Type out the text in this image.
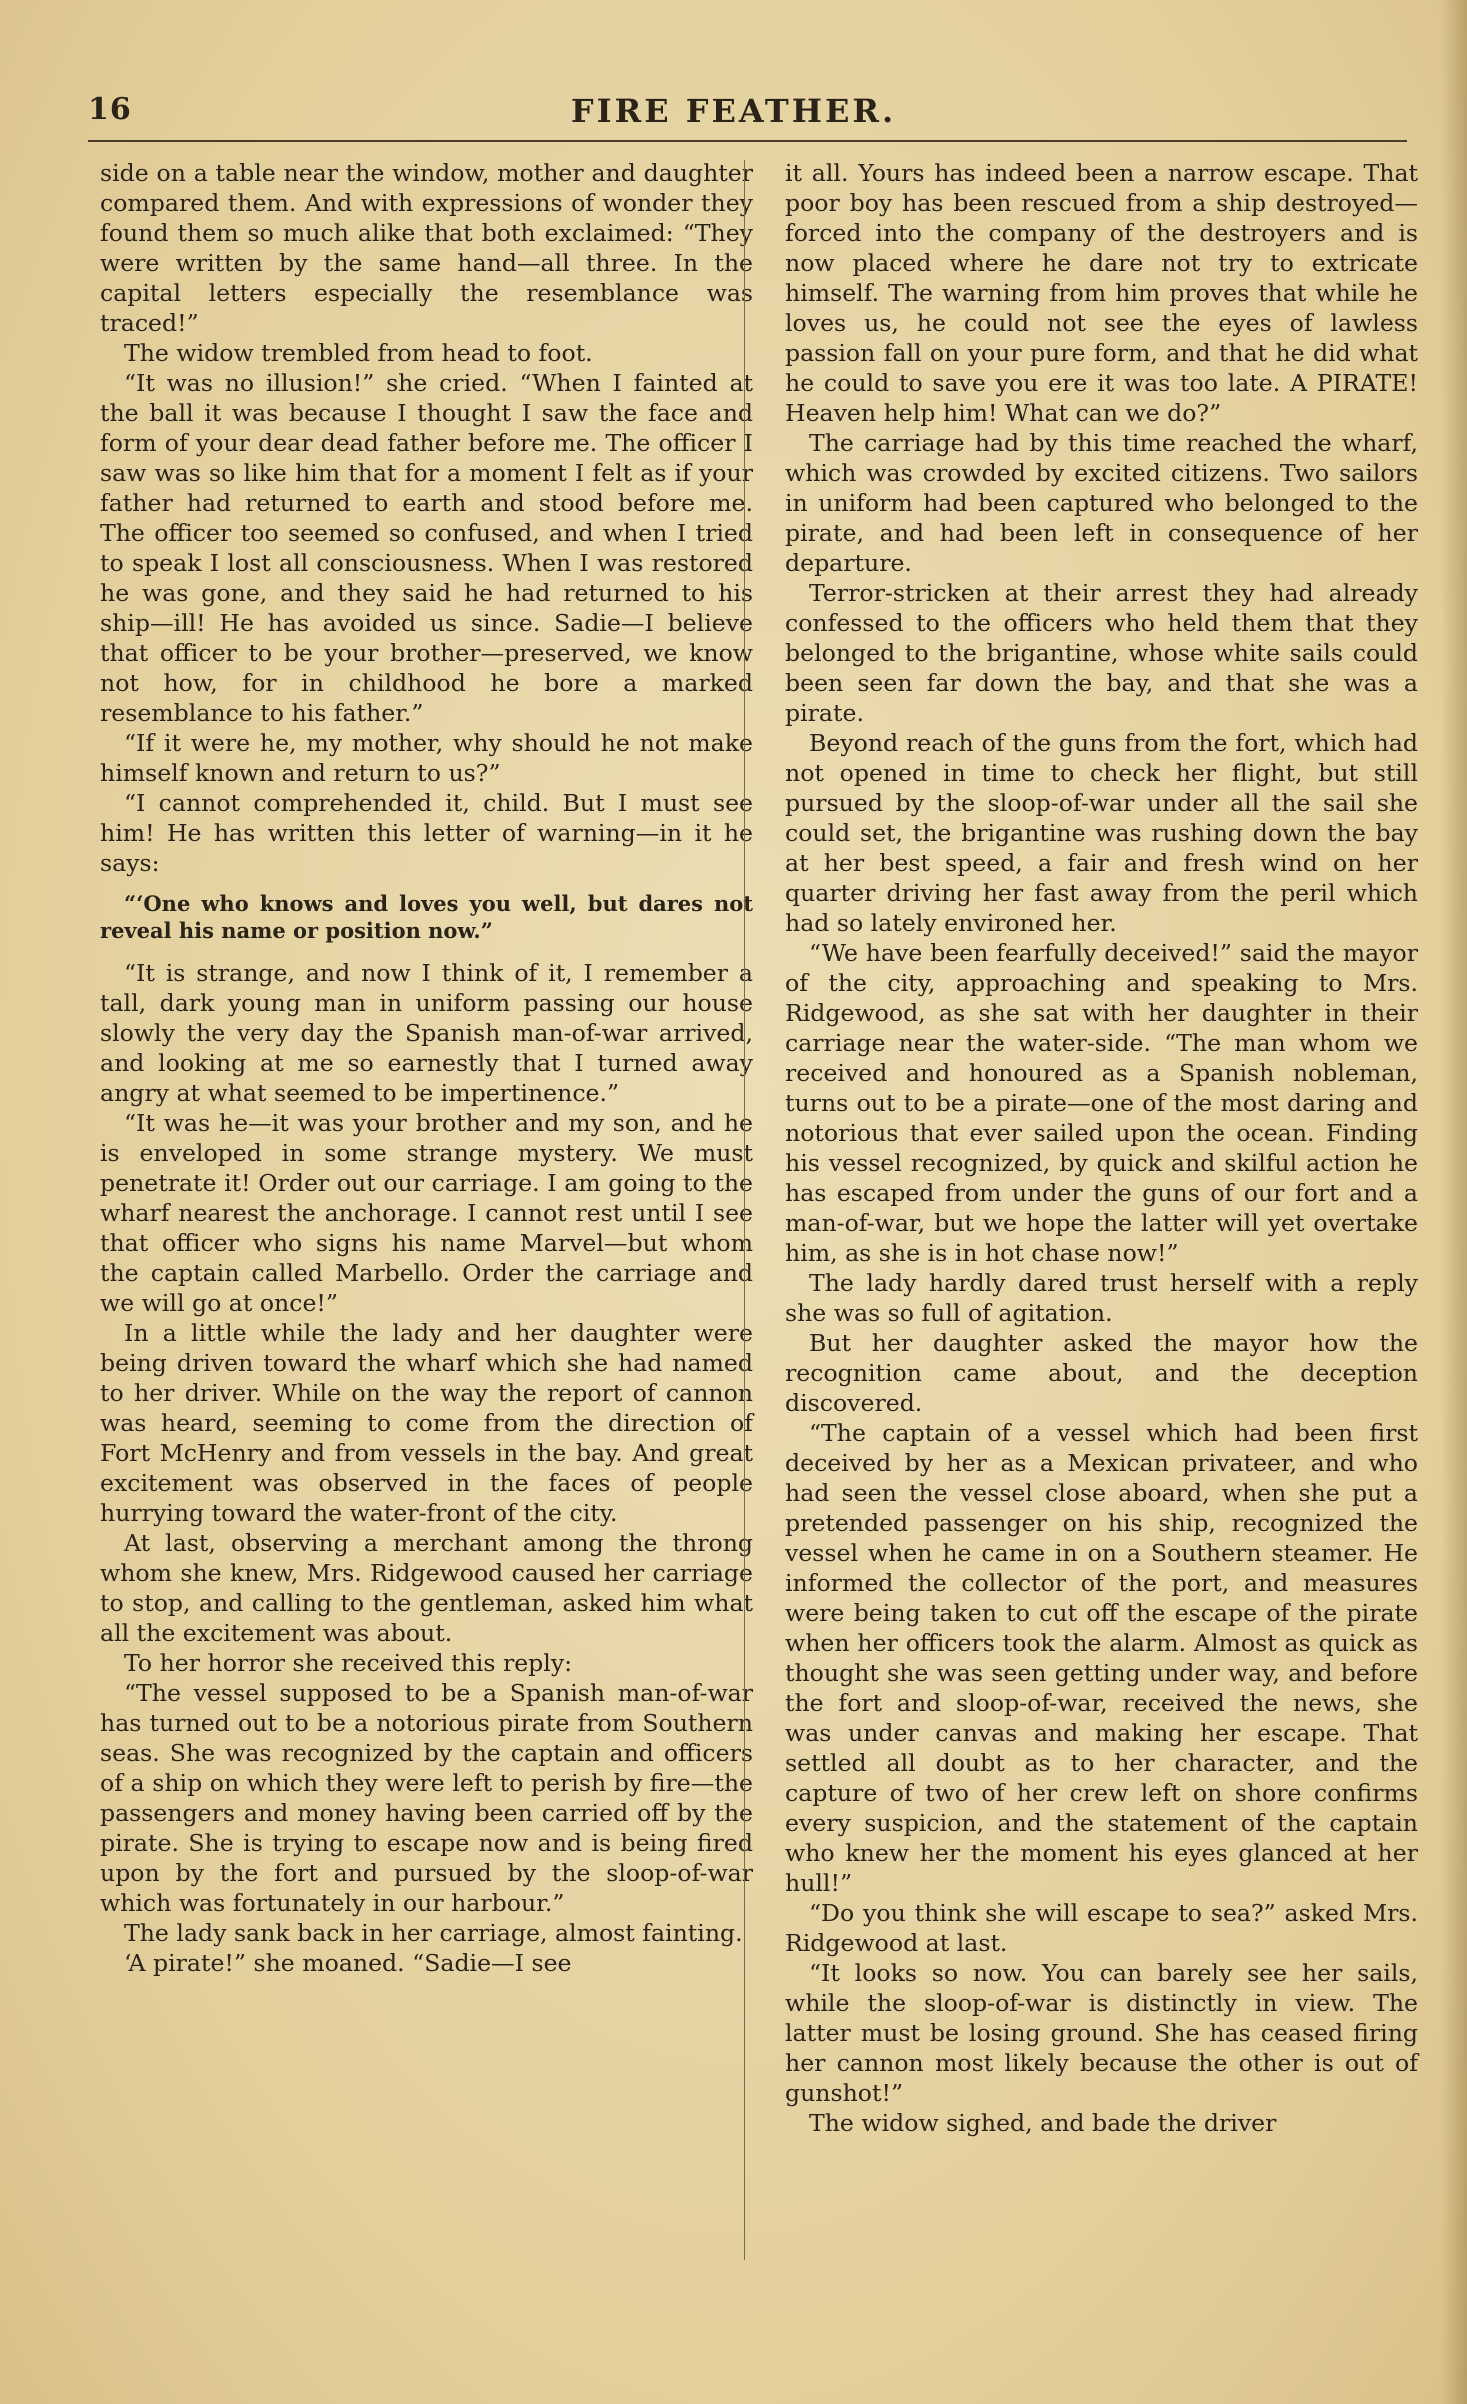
16	FIRE FEATHER.

side on a table near the window, mother and daughter compared them. And with expressions of wonder they found them so much alike that both exclaimed: “They were written by the same hand—all three. In the capital letters especially the resemblance was traced!”

The widow trembled from head to foot.

“It was no illusion!” she cried. “When I fainted at the ball it was because I thought I saw the face and form of your dear dead father before me. The officer I saw was so like him that for a moment I felt as if your father had returned to earth and stood before me. The officer too seemed so confused, and when I tried to speak I lost all consciousness. When I was restored he was gone, and they said he had returned to his ship—ill! He has avoided us since. Sadie—I believe that officer to be your brother—preserved, we know not how, for in childhood he bore a marked resemblance to his father.”

“If it were he, my mother, why should he not make himself known and return to us?”

“I cannot comprehended it, child. But I must see him! He has written this letter of warning—in it he says:

“‘One who knows and loves you well, but dares not reveal his name or position now.”

“It is strange, and now I think of it, I remember a tall, dark young man in uniform passing our house slowly the very day the Spanish man-of-war arrived, and looking at me so earnestly that I turned away angry at what seemed to be impertinence.”

“It was he—it was your brother and my son, and he is enveloped in some strange mystery. We must penetrate it! Order out our carriage. I am going to the wharf nearest the anchorage. I cannot rest until I see that officer who signs his name Marvel—but whom the captain called Marbello. Order the carriage and we will go at once!”

In a little while the lady and her daughter were being driven toward the wharf which she had named to her driver. While on the way the report of cannon was heard, seeming to come from the direction of Fort McHenry and from vessels in the bay. And great excitement was observed in the faces of people hurrying toward the water-front of the city.

At last, observing a merchant among the throng whom she knew, Mrs. Ridgewood caused her carriage to stop, and calling to the gentleman, asked him what all the excitement was about.

To her horror she received this reply:

“The vessel supposed to be a Spanish man-of-war has turned out to be a notorious pirate from Southern seas. She was recognized by the captain and officers of a ship on which they were left to perish by fire—the passengers and money having been carried off by the pirate. She is trying to escape now and is being fired upon by the fort and pursued by the sloop-of-war which was fortunately in our harbour.”

The lady sank back in her carriage, almost fainting.

‘A pirate!” she moaned. “Sadie—I see

it all. Yours has indeed been a narrow escape. That poor boy has been rescued from a ship destroyed—forced into the company of the destroyers and is now placed where he dare not try to extricate himself. The warning from him proves that while he loves us, he could not see the eyes of lawless passion fall on your pure form, and that he did what he could to save you ere it was too late. A PIRATE! Heaven help him! What can we do?”

The carriage had by this time reached the wharf, which was crowded by excited citizens. Two sailors in uniform had been captured who belonged to the pirate, and had been left in consequence of her departure.

Terror-stricken at their arrest they had already confessed to the officers who held them that they belonged to the brigantine, whose white sails could been seen far down the bay, and that she was a pirate.

Beyond reach of the guns from the fort, which had not opened in time to check her flight, but still pursued by the sloop-of-war under all the sail she could set, the brigantine was rushing down the bay at her best speed, a fair and fresh wind on her quarter driving her fast away from the peril which had so lately environed her.

“We have been fearfully deceived!” said the mayor of the city, approaching and speaking to Mrs. Ridgewood, as she sat with her daughter in their carriage near the water-side. “The man whom we received and honoured as a Spanish nobleman, turns out to be a pirate—one of the most daring and notorious that ever sailed upon the ocean. Finding his vessel recognized, by quick and skilful action he has escaped from under the guns of our fort and a man-of-war, but we hope the latter will yet overtake him, as she is in hot chase now!”

The lady hardly dared trust herself with a reply she was so full of agitation.

But her daughter asked the mayor how the recognition came about, and the deception discovered.

“The captain of a vessel which had been first deceived by her as a Mexican privateer, and who had seen the vessel close aboard, when she put a pretended passenger on his ship, recognized the vessel when he came in on a Southern steamer. He informed the collector of the port, and measures were being taken to cut off the escape of the pirate when her officers took the alarm. Almost as quick as thought she was seen getting under way, and before the fort and sloop-of-war, received the news, she was under canvas and making her escape. That settled all doubt as to her character, and the capture of two of her crew left on shore confirms every suspicion, and the statement of the captain who knew her the moment his eyes glanced at her hull!”

“Do you think she will escape to sea?” asked Mrs. Ridgewood at last.

“It looks so now. You can barely see her sails, while the sloop-of-war is distinctly in view. The latter must be losing ground. She has ceased firing her cannon most likely because the other is out of gunshot!”

The widow sighed, and bade the driver
